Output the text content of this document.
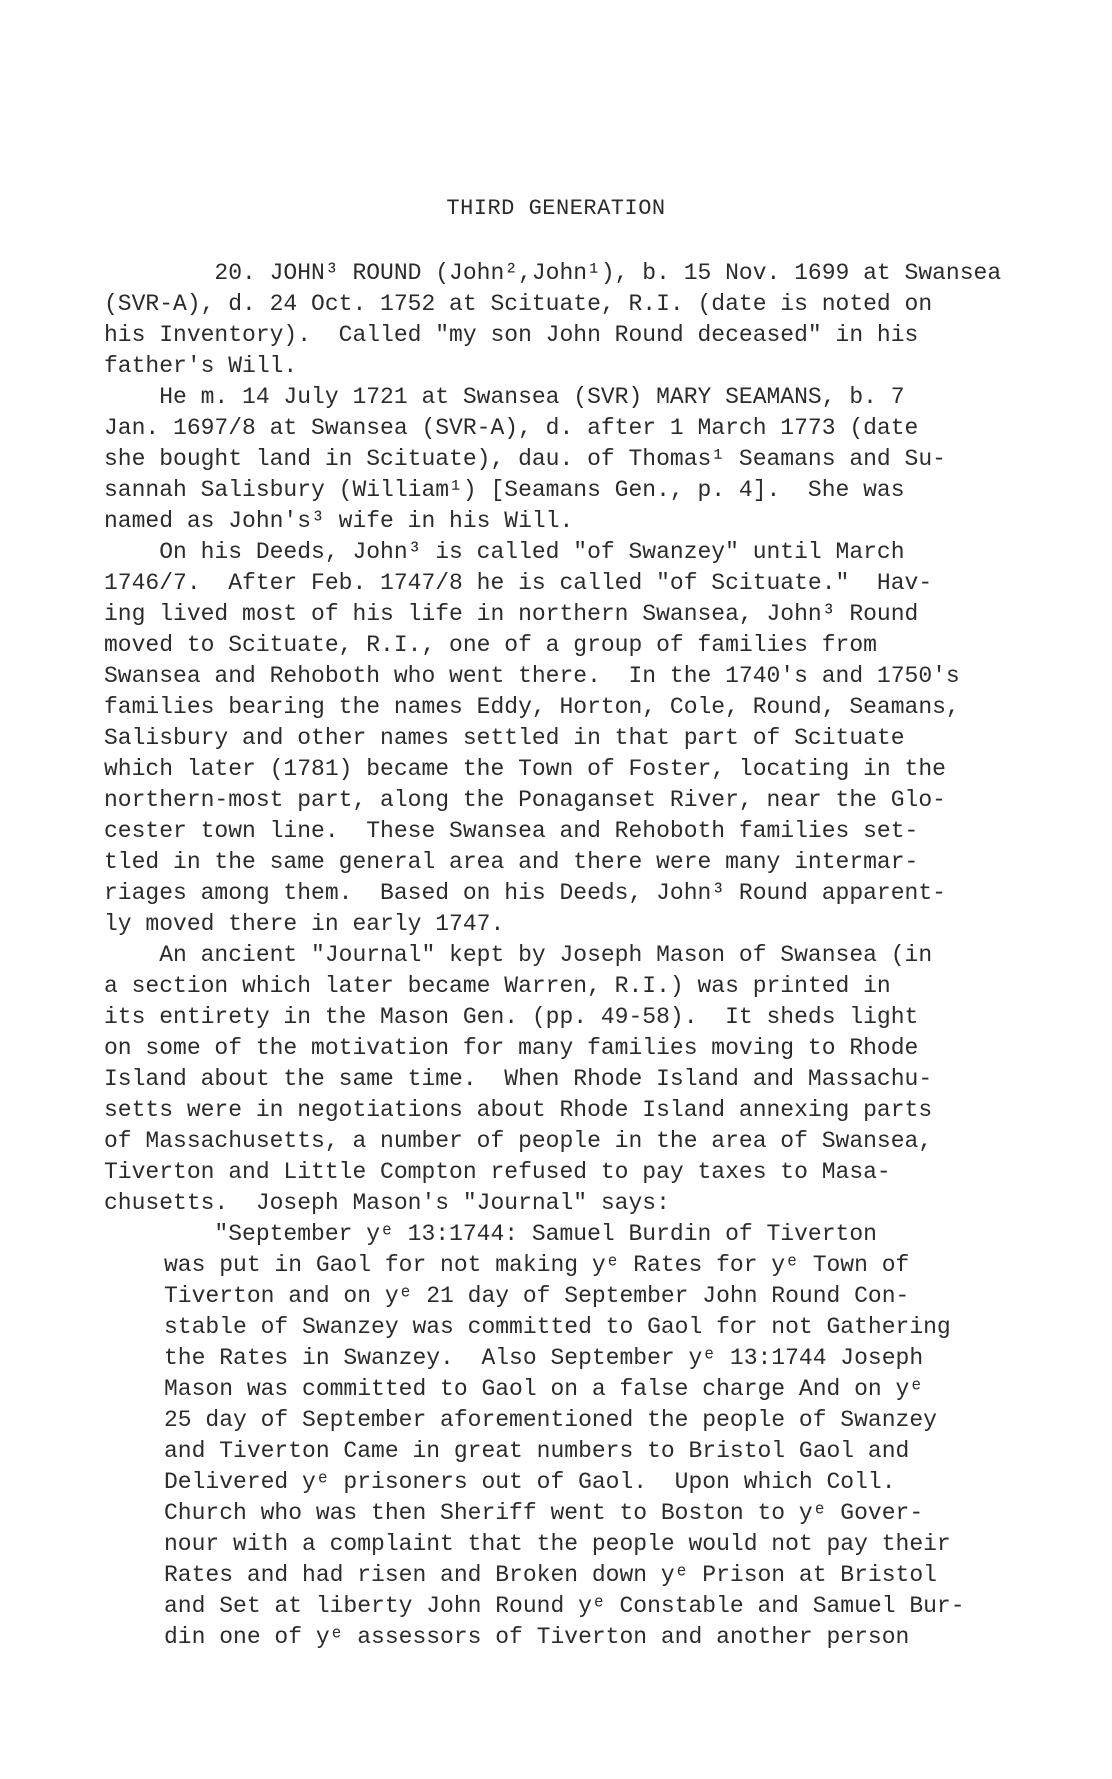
THIRD GENERATION
20. JOHN³ ROUND (John²,John¹), b. 15 Nov. 1699 at Swansea
(SVR-A), d. 24 Oct. 1752 at Scituate, R.I. (date is noted on
his Inventory).  Called "my son John Round deceased" in his
father's Will.
He m. 14 July 1721 at Swansea (SVR) MARY SEAMANS, b. 7
Jan. 1697/8 at Swansea (SVR-A), d. after 1 March 1773 (date
she bought land in Scituate), dau. of Thomas¹ Seamans and Su-
sannah Salisbury (William¹) [Seamans Gen., p. 4].  She was
named as John's³ wife in his Will.
On his Deeds, John³ is called "of Swanzey" until March
1746/7.  After Feb. 1747/8 he is called "of Scituate."  Hav-
ing lived most of his life in northern Swansea, John³ Round
moved to Scituate, R.I., one of a group of families from
Swansea and Rehoboth who went there.  In the 1740's and 1750's
families bearing the names Eddy, Horton, Cole, Round, Seamans,
Salisbury and other names settled in that part of Scituate
which later (1781) became the Town of Foster, locating in the
northern-most part, along the Ponaganset River, near the Glo-
cester town line.  These Swansea and Rehoboth families set-
tled in the same general area and there were many intermar-
riages among them.  Based on his Deeds, John³ Round apparent-
ly moved there in early 1747.
An ancient "Journal" kept by Joseph Mason of Swansea (in
a section which later became Warren, R.I.) was printed in
its entirety in the Mason Gen. (pp. 49-58).  It sheds light
on some of the motivation for many families moving to Rhode
Island about the same time.  When Rhode Island and Massachu-
setts were in negotiations about Rhode Island annexing parts
of Massachusetts, a number of people in the area of Swansea,
Tiverton and Little Compton refused to pay taxes to Masa-
chusetts.  Joseph Mason's "Journal" says:
"September yᵉ 13:1744: Samuel Burdin of Tiverton
was put in Gaol for not making yᵉ Rates for yᵉ Town of
Tiverton and on yᵉ 21 day of September John Round Con-
stable of Swanzey was committed to Gaol for not Gathering
the Rates in Swanzey.  Also September yᵉ 13:1744 Joseph
Mason was committed to Gaol on a false charge And on yᵉ
25 day of September aforementioned the people of Swanzey
and Tiverton Came in great numbers to Bristol Gaol and
Delivered yᵉ prisoners out of Gaol.  Upon which Coll.
Church who was then Sheriff went to Boston to yᵉ Gover-
nour with a complaint that the people would not pay their
Rates and had risen and Broken down yᵉ Prison at Bristol
and Set at liberty John Round yᵉ Constable and Samuel Bur-
din one of yᵉ assessors of Tiverton and another person
